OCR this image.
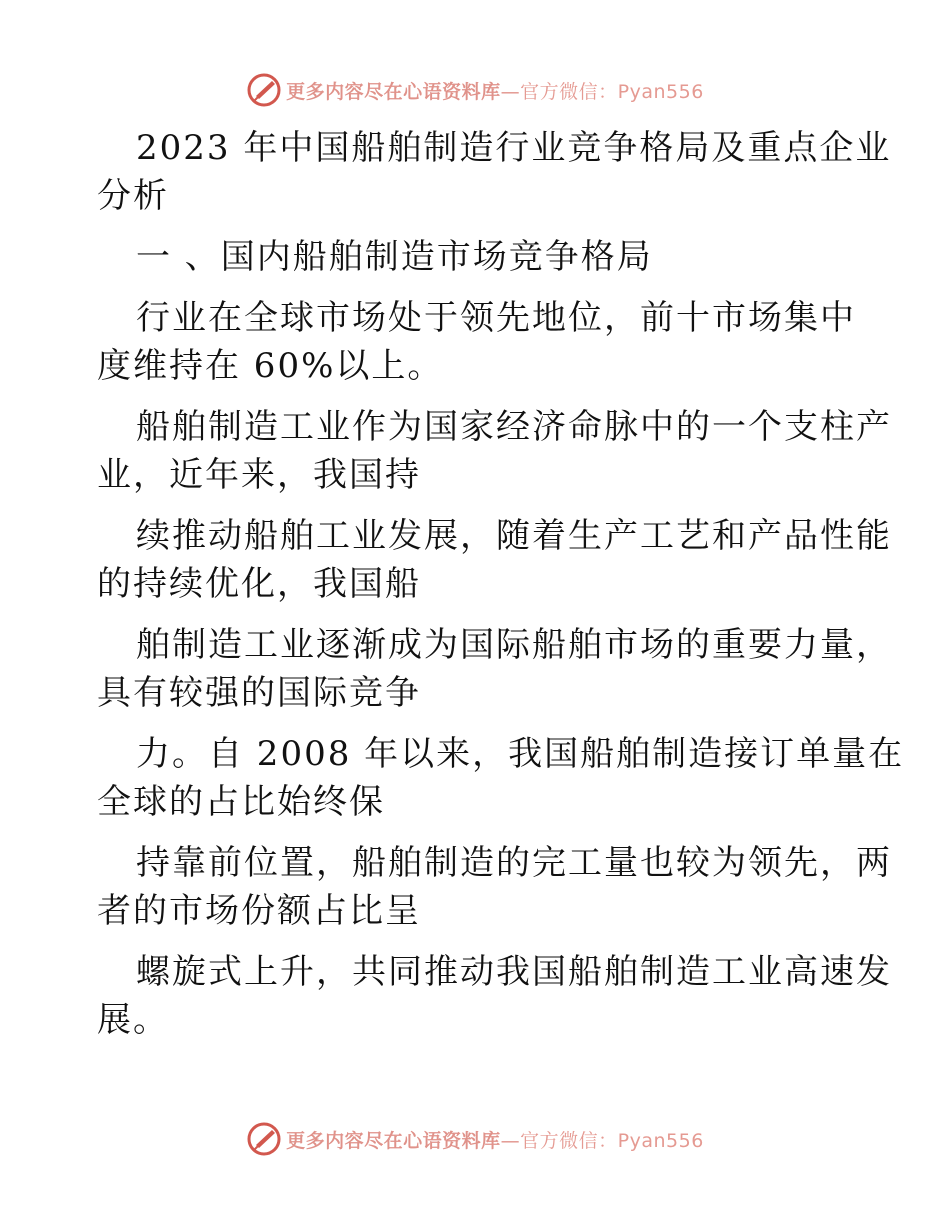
更多内容尽在心语资料库—官方微信：Pyan556
2023 年中国船舶制造行业竞争格局及重点企业
分析
一 、国内船舶制造市场竞争格局
行业在全球市场处于领先地位，前十市场集中
度维持在 60%以上。
船舶制造工业作为国家经济命脉中的一个支柱产
业，近年来，我国持
续推动船舶工业发展，随着生产工艺和产品性能
的持续优化，我国船
舶制造工业逐渐成为国际船舶市场的重要力量，
具有较强的国际竞争
力。自 2008 年以来，我国船舶制造接订单量在
全球的占比始终保
持靠前位置，船舶制造的完工量也较为领先，两
者的市场份额占比呈
螺旋式上升，共同推动我国船舶制造工业高速发
展。
更多内容尽在心语资料库—官方微信：Pyan556
